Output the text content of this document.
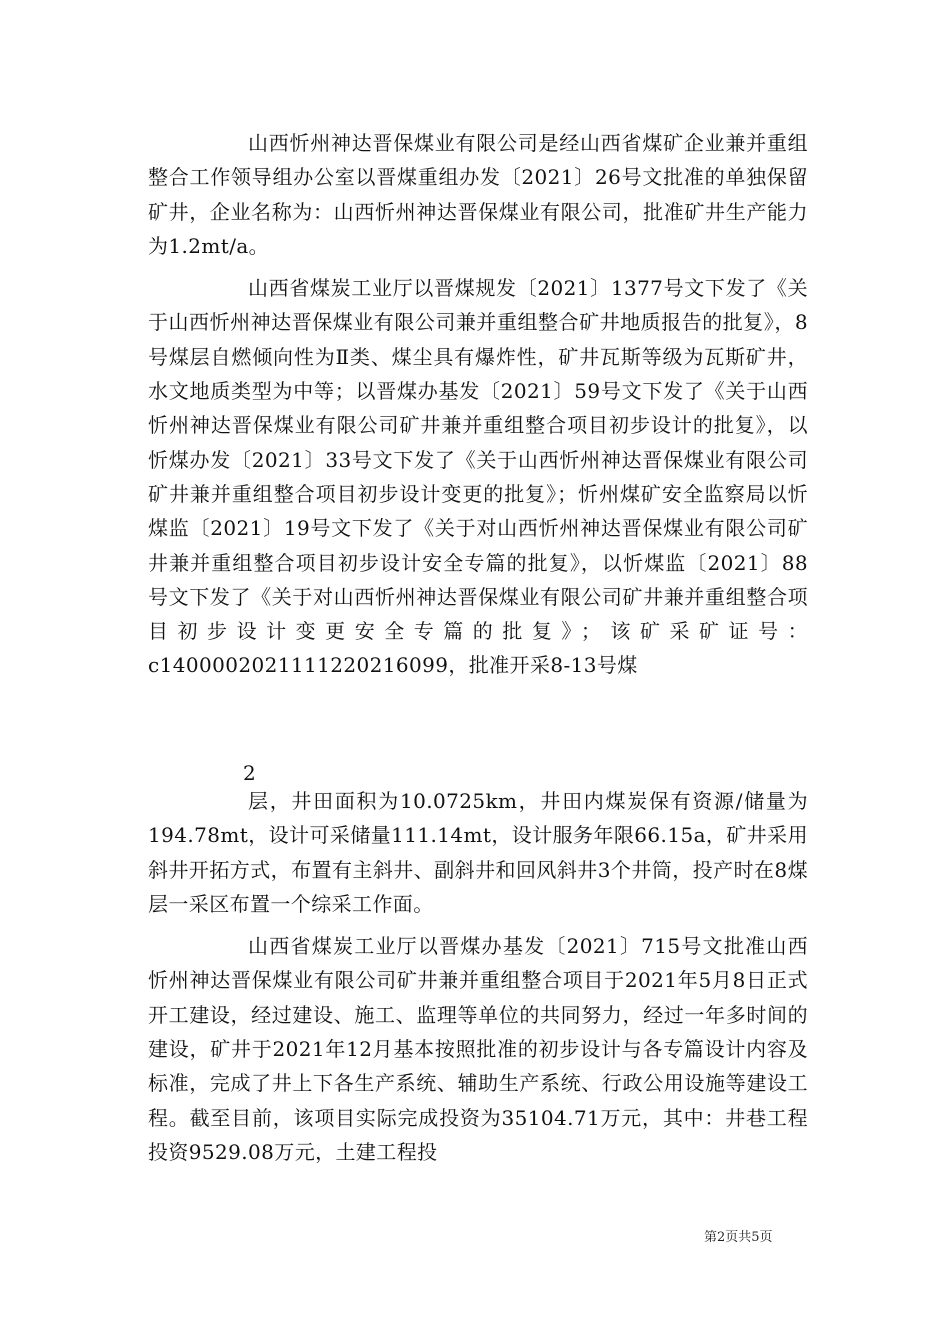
山西忻州神达晋保煤业有限公司是经山西省煤矿企业兼并重组整合工作领导组办公室以晋煤重组办发〔2021〕26号文批准的单独保留矿井，企业名称为：山西忻州神达晋保煤业有限公司，批准矿井生产能力为1.2mt/a。

山西省煤炭工业厅以晋煤规发〔2021〕1377号文下发了《关于山西忻州神达晋保煤业有限公司兼并重组整合矿井地质报告的批复》，8号煤层自燃倾向性为Ⅱ类、煤尘具有爆炸性，矿井瓦斯等级为瓦斯矿井，水文地质类型为中等；以晋煤办基发〔2021〕59号文下发了《关于山西忻州神达晋保煤业有限公司矿井兼并重组整合项目初步设计的批复》，以忻煤办发〔2021〕33号文下发了《关于山西忻州神达晋保煤业有限公司矿井兼并重组整合项目初步设计变更的批复》；忻州煤矿安全监察局以忻煤监〔2021〕19号文下发了《关于对山西忻州神达晋保煤业有限公司矿井兼并重组整合项目初步设计安全专篇的批复》，以忻煤监〔2021〕88号文下发了《关于对山西忻州神达晋保煤业有限公司矿井兼并重组整合项目初步设计变更安全专篇的批复》；该矿采矿证号：c14000020211112202​16099，批准开采8-13号煤

2

层，井田面积为10.0725km，井田内煤炭保有资源/储量为194.78mt，设计可采储量111.14mt，设计服务年限66.15a，矿井采用斜井开拓方式，布置有主斜井、副斜井和回风斜井3个井筒，投产时在8煤层一采区布置一个综采工作面。

山西省煤炭工业厅以晋煤办基发〔2021〕715号文批准山西忻州神达晋保煤业有限公司矿井兼并重组整合项目于2021年5月8日正式开工建设，经过建设、施工、监理等单位的共同努力，经过一年多时间的建设，矿井于2021年12月基本按照批准的初步设计与各专篇设计内容及标准，完成了井上下各生产系统、辅助生产系统、行政公用设施等建设工程。截至目前，该项目实际完成投资为35104.71万元，其中：井巷工程投资9529.08万元，土建工程投

第2页共5页
